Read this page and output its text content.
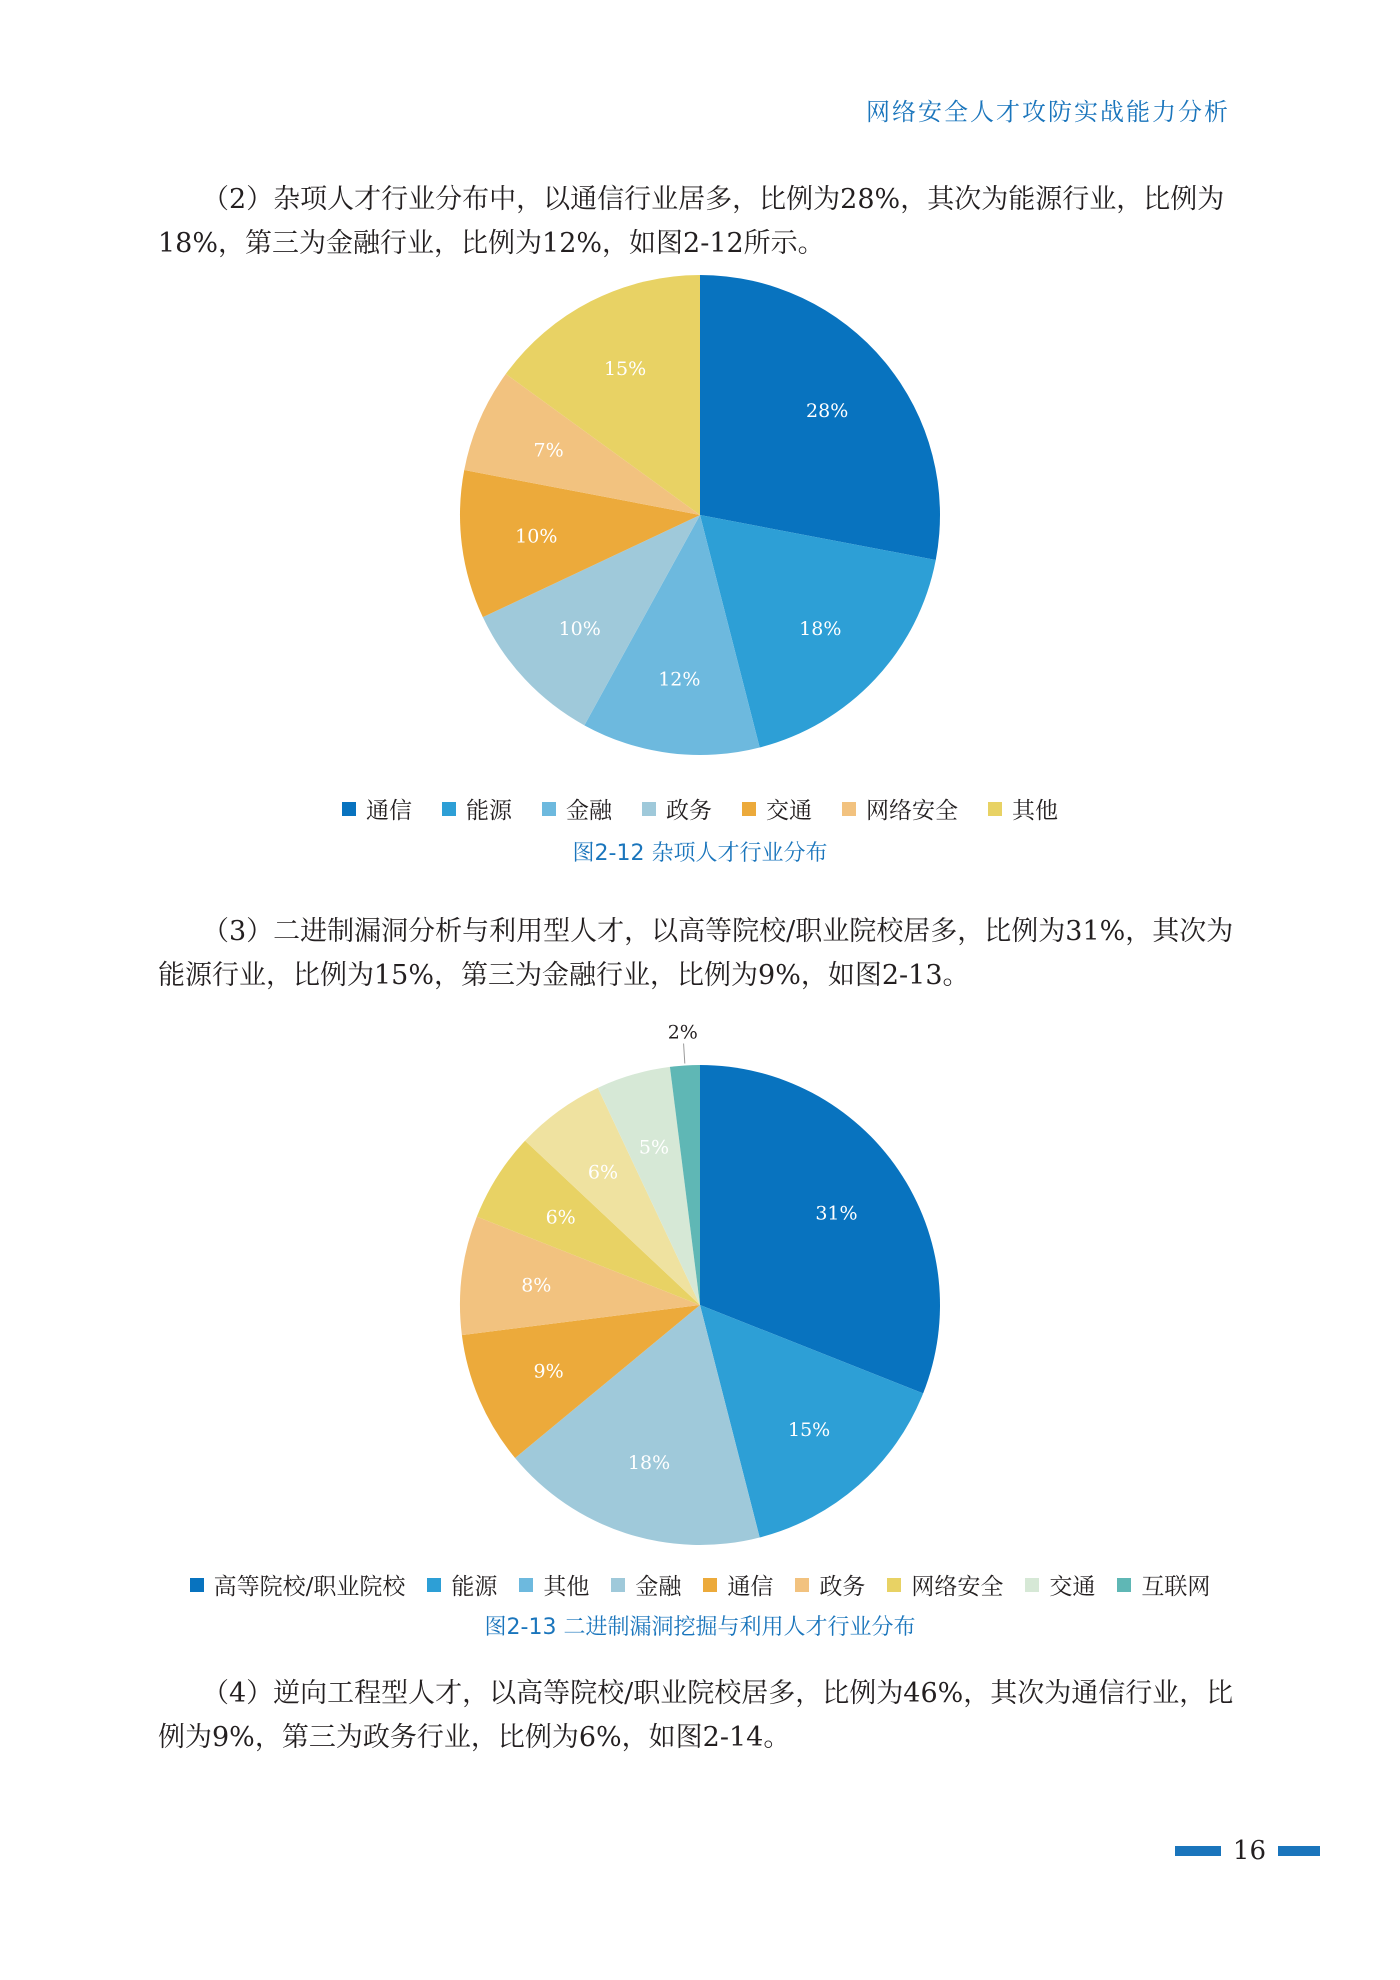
网络安全人才攻防实战能力分析

（2）杂项人才行业分布中，以通信行业居多，比例为28%，其次为能源行业，比例为18%，第三为金融行业，比例为12%，如图2-12所示。

28%
18%
12%
10%
10%
7%
15%
通信 能源 金融 政务 交通 网络安全 其他
图2-12 杂项人才行业分布

（3）二进制漏洞分析与利用型人才，以高等院校/职业院校居多，比例为31%，其次为能源行业，比例为15%，第三为金融行业，比例为9%，如图2-13。

31%
15%
18%
9%
8%
6%
6%
5%
2%
高等院校/职业院校 能源 其他 金融 通信 政务 网络安全 交通 互联网
图2-13 二进制漏洞挖掘与利用人才行业分布

（4）逆向工程型人才，以高等院校/职业院校居多，比例为46%，其次为通信行业，比例为9%，第三为政务行业，比例为6%，如图2-14。

16
